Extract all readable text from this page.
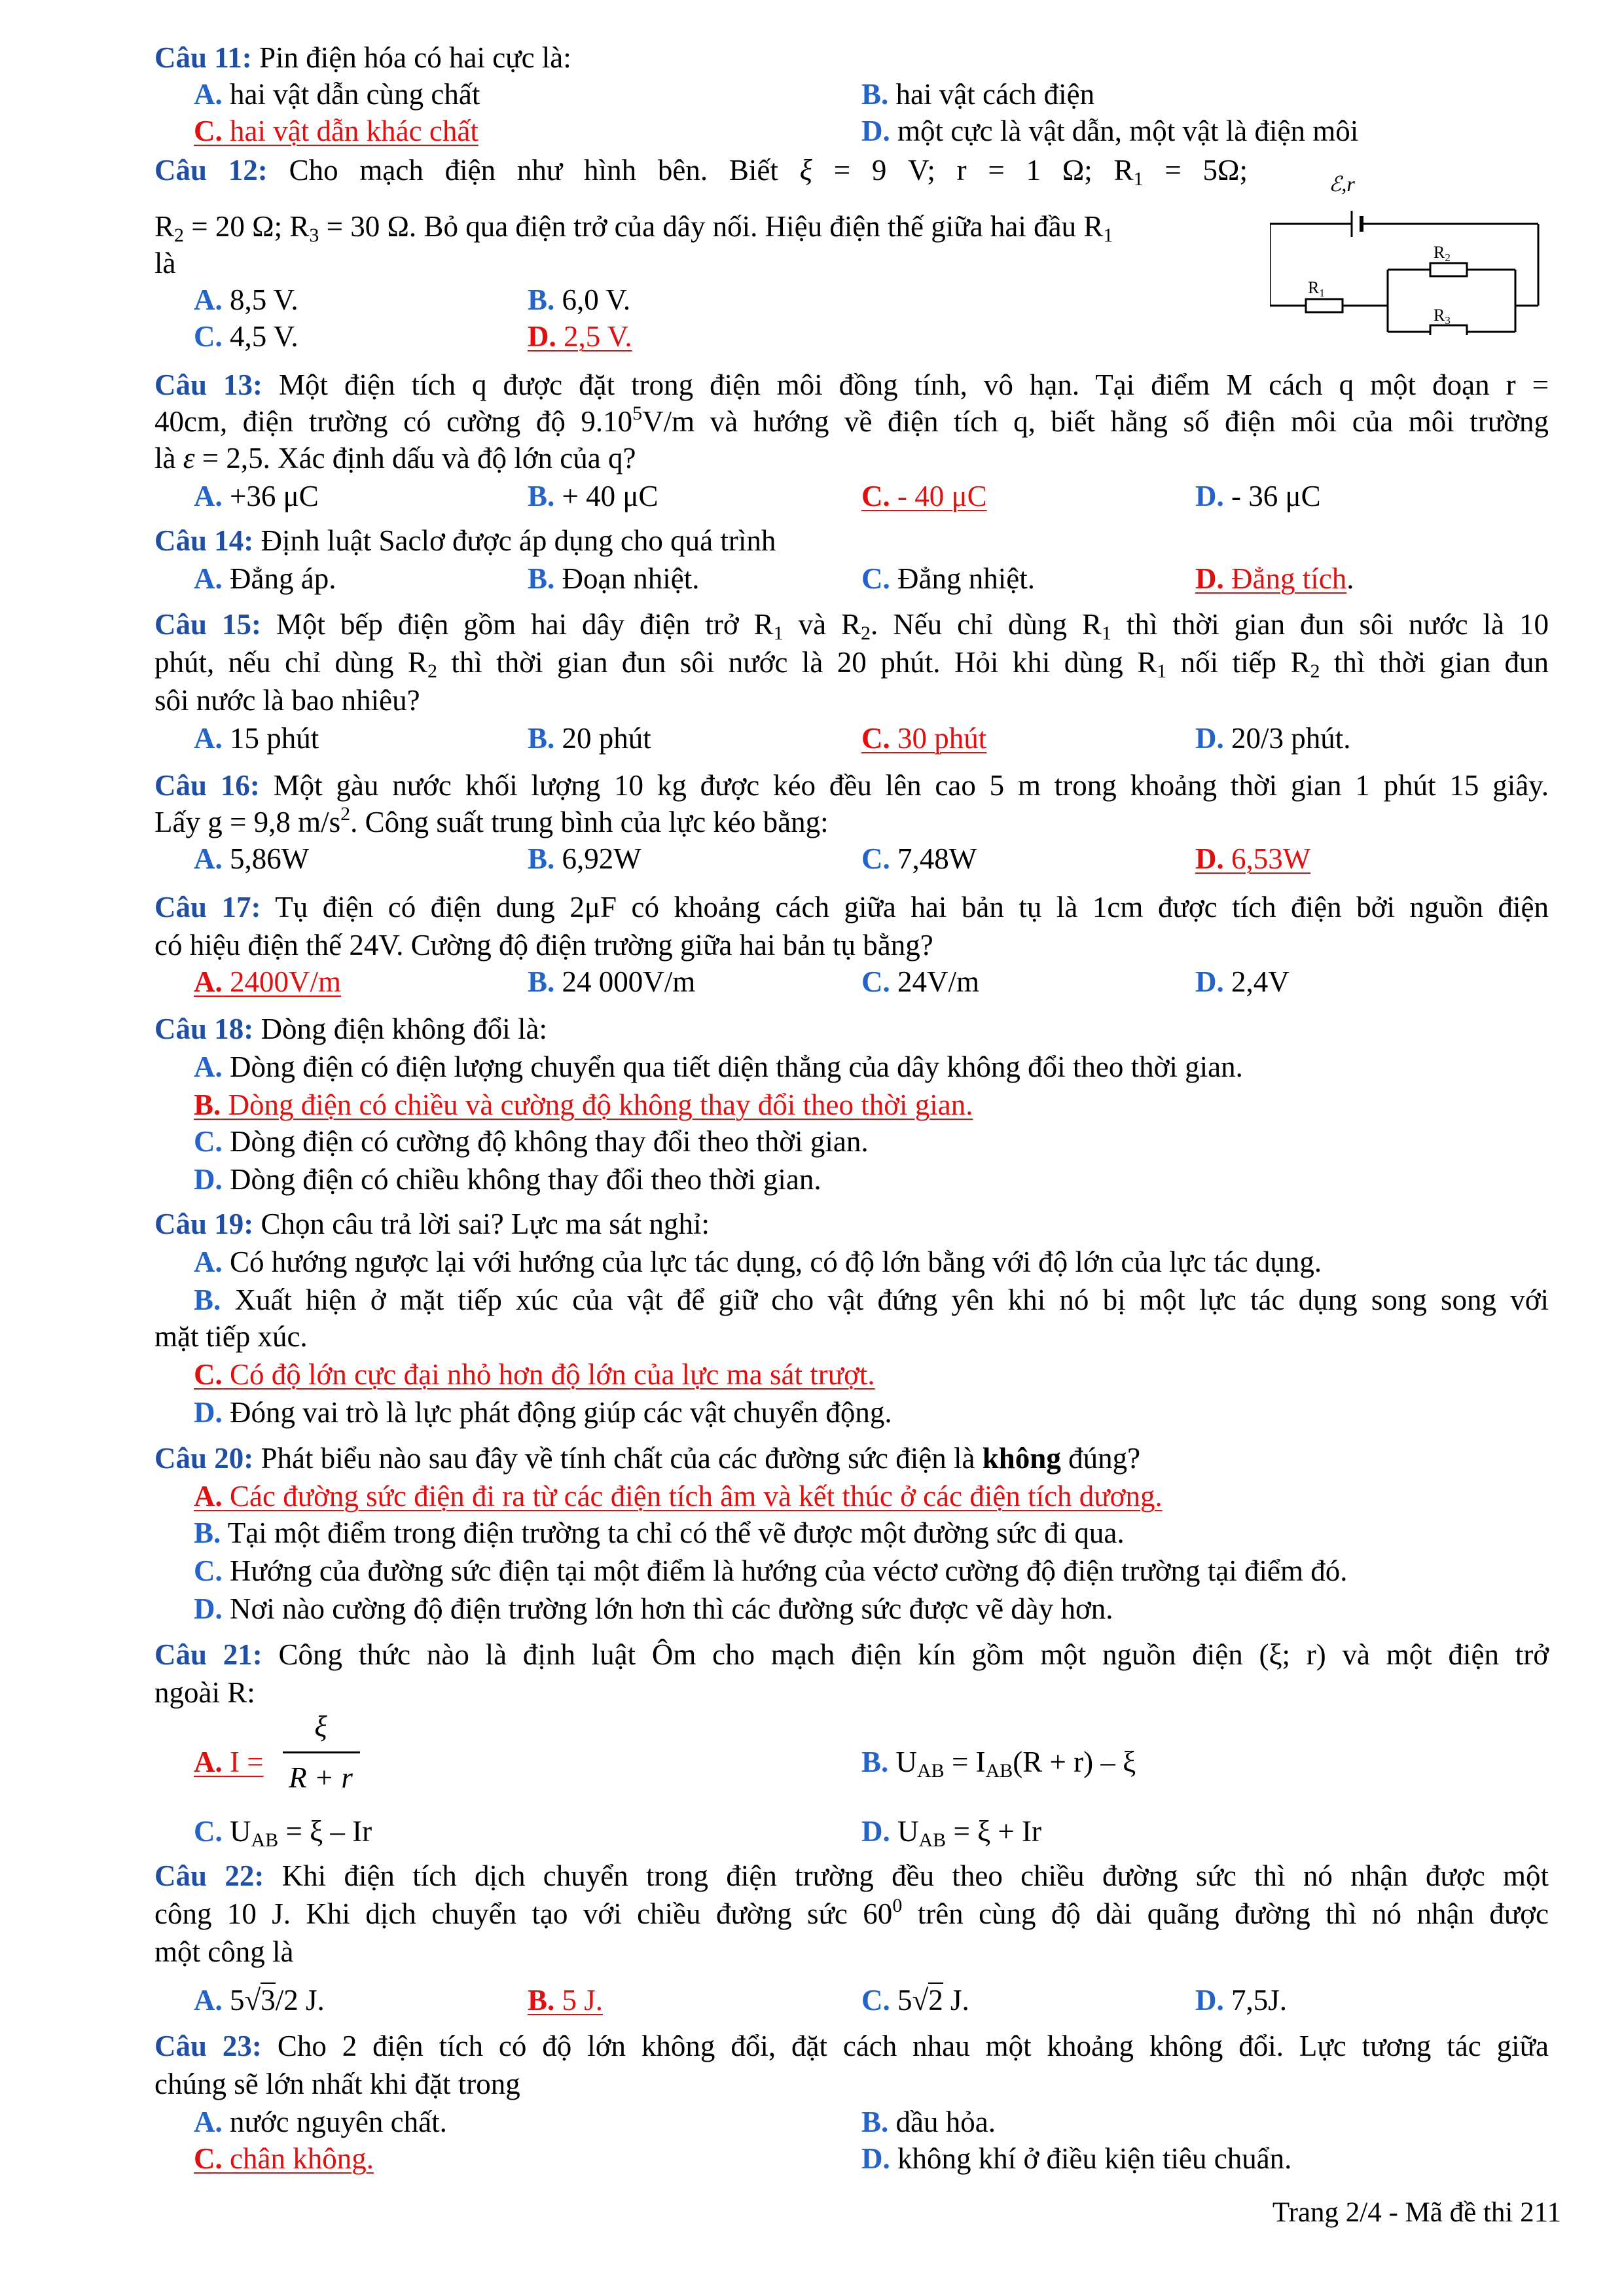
Câu 11: Pin điện hóa có hai cực là:
A. hai vật dẫn cùng chất	B. hai vật cách điện
C. hai vật dẫn khác chất	D. một cực là vật dẫn, một vật là điện môi
Câu 12: Cho mạch điện như hình bên. Biết ξ = 9 V; r = 1 Ω; $R_1 = 5\Omega$;
$R_2 = 20$ Ω; $R_3 = 30$ Ω. Bỏ qua điện trở của dây nối. Hiệu điện thế giữa hai đầu $R_1$
là
A. 8,5 V.	B. 6,0 V.
C. 4,5 V.	D. 2,5 V.
ℰ,r
R1
R2
R3
Câu 13: Một điện tích q được đặt trong điện môi đồng tính, vô hạn. Tại điểm M cách q một đoạn r =
40cm, điện trường có cường độ 9.10$^5$V/m và hướng về điện tích q, biết hằng số điện môi của môi trường
là ε = 2,5. Xác định dấu và độ lớn của q?
A. +36 μC	B. + 40 μC	C. - 40 μC	D. - 36 μC
Câu 14: Định luật Saclơ được áp dụng cho quá trình
A. Đẳng áp.	B. Đoạn nhiệt.	C. Đẳng nhiệt.	D. Đẳng tích.
Câu 15: Một bếp điện gồm hai dây điện trở $R_1$ và $R_2$. Nếu chỉ dùng $R_1$ thì thời gian đun sôi nước là 10
phút, nếu chỉ dùng $R_2$ thì thời gian đun sôi nước là 20 phút. Hỏi khi dùng $R_1$ nối tiếp $R_2$ thì thời gian đun
sôi nước là bao nhiêu?
A. 15 phút	B. 20 phút	C. 30 phút	D. 20/3 phút.
Câu 16: Một gàu nước khối lượng 10 kg được kéo đều lên cao 5 m trong khoảng thời gian 1 phút 15 giây.
Lấy g = 9,8 $m/s^2$. Công suất trung bình của lực kéo bằng:
A. 5,86W	B. 6,92W	C. 7,48W	D. 6,53W
Câu 17: Tụ điện có điện dung 2μF có khoảng cách giữa hai bản tụ là 1cm được tích điện bởi nguồn điện
có hiệu điện thế 24V. Cường độ điện trường giữa hai bản tụ bằng?
A. 2400V/m	B. 24 000V/m	C. 24V/m	D. 2,4V
Câu 18: Dòng điện không đổi là:
A. Dòng điện có điện lượng chuyển qua tiết diện thẳng của dây không đổi theo thời gian.
B. Dòng điện có chiều và cường độ không thay đổi theo thời gian.
C. Dòng điện có cường độ không thay đổi theo thời gian.
D. Dòng điện có chiều không thay đổi theo thời gian.
Câu 19: Chọn câu trả lời sai? Lực ma sát nghỉ:
A. Có hướng ngược lại với hướng của lực tác dụng, có độ lớn bằng với độ lớn của lực tác dụng.
B. Xuất hiện ở mặt tiếp xúc của vật để giữ cho vật đứng yên khi nó bị một lực tác dụng song song với
mặt tiếp xúc.
C. Có độ lớn cực đại nhỏ hơn độ lớn của lực ma sát trượt.
D. Đóng vai trò là lực phát động giúp các vật chuyển động.
Câu 20: Phát biểu nào sau đây về tính chất của các đường sức điện là không đúng?
A. Các đường sức điện đi ra từ các điện tích âm và kết thúc ở các điện tích dương.
B. Tại một điểm trong điện trường ta chỉ có thể vẽ được một đường sức đi qua.
C. Hướng của đường sức điện tại một điểm là hướng của véctơ cường độ điện trường tại điểm đó.
D. Nơi nào cường độ điện trường lớn hơn thì các đường sức được vẽ dày hơn.
Câu 21: Công thức nào là định luật Ôm cho mạch điện kín gồm một nguồn điện (ξ; r) và một điện trở
ngoài R:
A. I =
ξ
R + r	B. $U_{AB} = I_{AB}(R + r) - \xi$
C. $U_{AB} = \xi - Ir$	D. $U_{AB} = \xi + Ir$
Câu 22: Khi điện tích dịch chuyển trong điện trường đều theo chiều đường sức thì nó nhận được một
công 10 J. Khi dịch chuyển tạo với chiều đường sức $60^0$ trên cùng độ dài quãng đường thì nó nhận được
một công là
A. 5√3/2 J.	B. 5 J.	C. 5√2 J.	D. 7,5J.
Câu 23: Cho 2 điện tích có độ lớn không đổi, đặt cách nhau một khoảng không đổi. Lực tương tác giữa
chúng sẽ lớn nhất khi đặt trong
A. nước nguyên chất.	B. dầu hỏa.
C. chân không.	D. không khí ở điều kiện tiêu chuẩn.
Trang 2/4 - Mã đề thi 211
